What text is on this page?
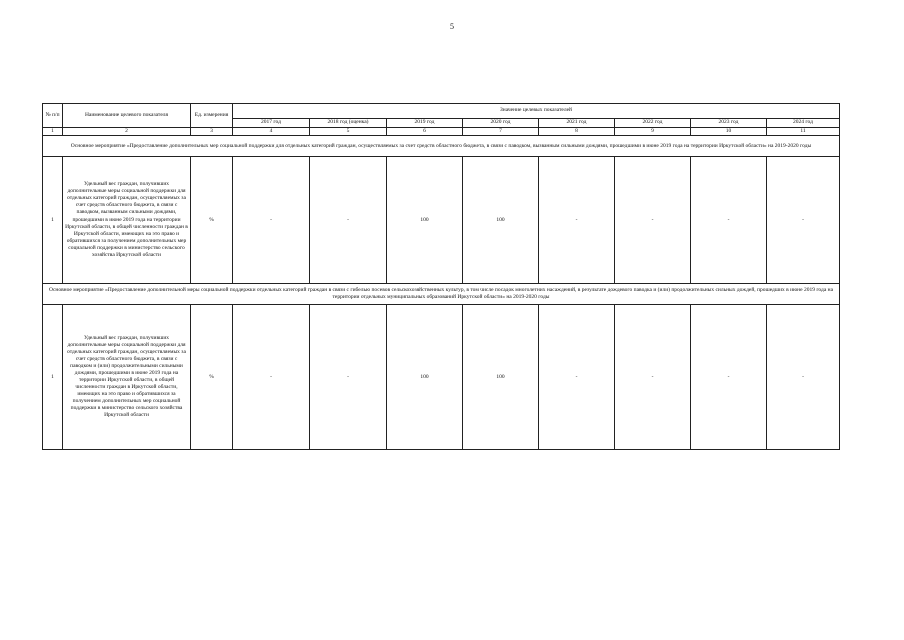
5
№ п/п	Наименование целевого показателя	Ед. измерения	Значение целевых показателей							
			2017 год	2018 год (оценка)	2019 год	2020 год	2021 год	2022 год	2023 год	2024 год
1	2	3	4	5	6	7	8	9	10	11
Основное мероприятие «Предоставление дополнительных мер социальной поддержки для отдельных категорий граждан, осуществляемых за счет средств областного бюджета, в связи с паводком, вызванным сильными дождями, прошедшими в июне 2019 года на территории Иркутской области» на 2019-2020 годы										
1	Удельный вес граждан, получивших дополнительные меры социальной поддержки для отдельных категорий граждан, осуществляемых за счет средств областного бюджета, в связи с паводком, вызванным сильными дождями, прошедшими в июне 2019 года на территории Иркутской области, в общей численности граждан в Иркутской области, имеющих на это право и обратившихся за получением дополнительных мер социальной поддержки в министерство сельского хозяйства Иркутской области	%	-	-	100	100	-	-	-	-
Основное мероприятие «Предоставление дополнительной меры социальной поддержки отдельных категорий граждан в связи с гибелью посевов сельскохозяйственных культур, в том числе посадок многолетних насаждений, в результате дождевого паводка и (или) продолжительных сильных дождей, прошедших в июне 2019 года на территории отдельных муниципальных образований Иркутской области» на 2019-2020 годы										
1	Удельный вес граждан, получивших дополнительные меры социальной поддержки для отдельных категорий граждан, осуществляемых за счет средств областного бюджета, в связи с паводком и (или) продолжительными сильными дождями, прошедшими в июне 2019 года на территории Иркутской области, в общей численности граждан в Иркутской области, имеющих на это право и обратившихся за получением дополнительных мер социальной поддержки в министерство сельского хозяйства Иркутской области	%	-	-	100	100	-	-	-	-
